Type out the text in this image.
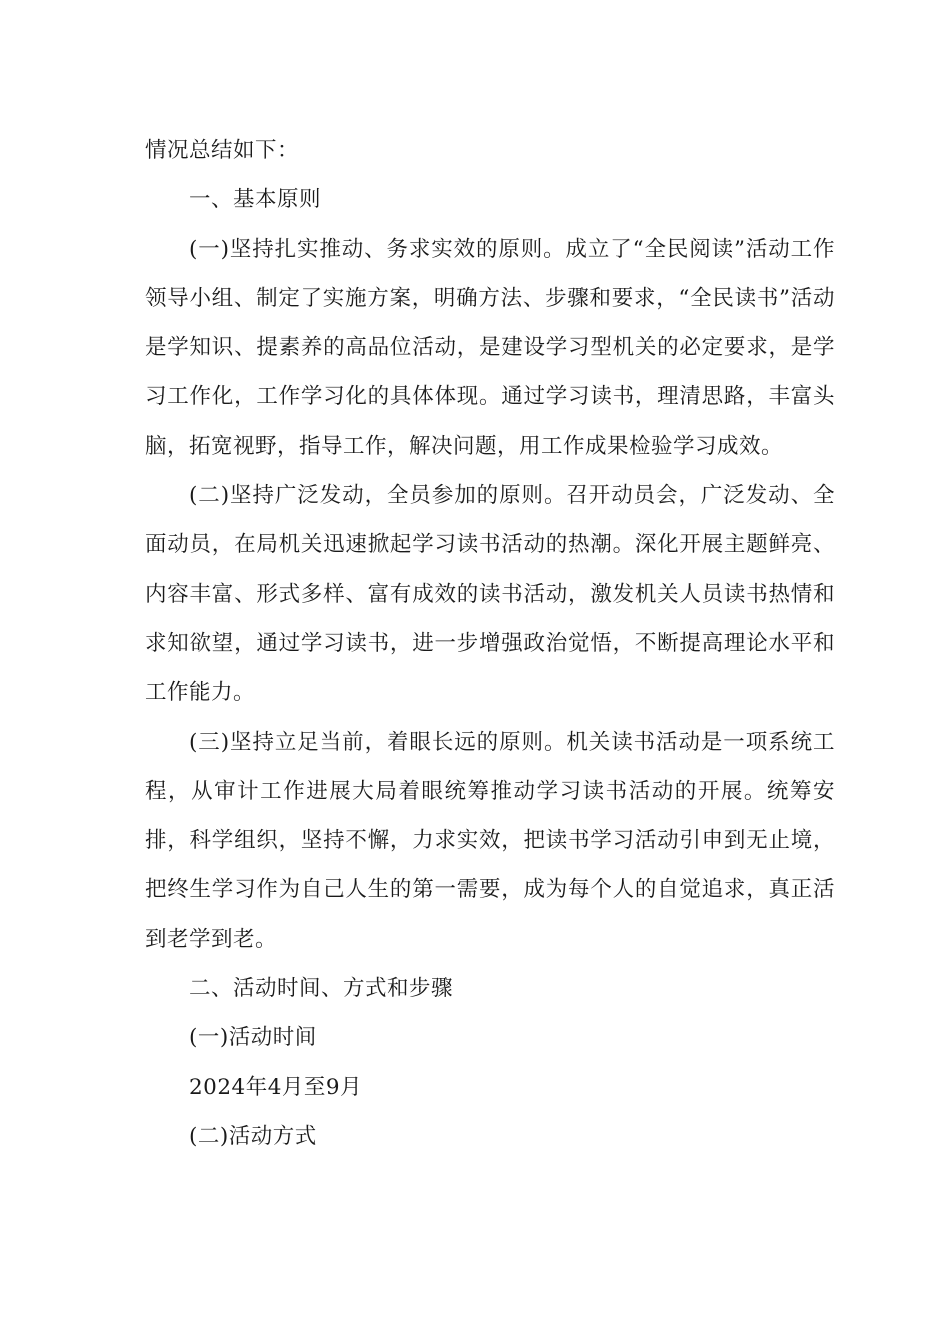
情况总结如下：

一、基本原则

(一)坚持扎实推动、务求实效的原则。成立了“全民阅读”活动工作领导小组、制定了实施方案，明确方法、步骤和要求，“全民读书”活动是学知识、提素养的高品位活动，是建设学习型机关的必定要求，是学习工作化，工作学习化的具体体现。通过学习读书，理清思路，丰富头脑，拓宽视野，指导工作，解决问题，用工作成果检验学习成效。

(二)坚持广泛发动，全员参加的原则。召开动员会，广泛发动、全面动员，在局机关迅速掀起学习读书活动的热潮。深化开展主题鲜亮、内容丰富、形式多样、富有成效的读书活动，激发机关人员读书热情和求知欲望，通过学习读书，进一步增强政治觉悟，不断提高理论水平和工作能力。

(三)坚持立足当前，着眼长远的原则。机关读书活动是一项系统工程，从审计工作进展大局着眼统筹推动学习读书活动的开展。统筹安排，科学组织，坚持不懈，力求实效，把读书学习活动引申到无止境，把终生学习作为自己人生的第一需要，成为每个人的自觉追求，真正活到老学到老。

二、活动时间、方式和步骤

(一)活动时间

2024年4月至9月

(二)活动方式
